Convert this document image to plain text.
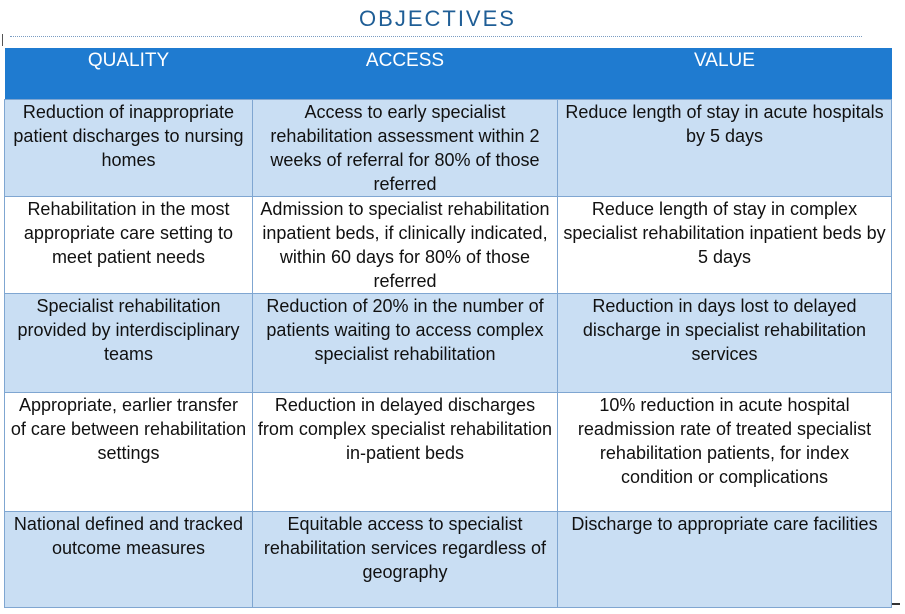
OBJECTIVES
QUALITY	ACCESS	VALUE
Reduction of inappropriate patient discharges to nursing homes	Access to early specialist rehabilitation assessment within 2 weeks of referral for 80% of those referred	Reduce length of stay in acute hospitals by 5 days
Rehabilitation in the most appropriate care setting to meet patient needs	Admission to specialist rehabilitation inpatient beds, if clinically indicated, within 60 days for 80% of those referred	Reduce length of stay in complex specialist rehabilitation inpatient beds by 5 days
Specialist rehabilitation provided by interdisciplinary teams	Reduction of 20% in the number of patients waiting to access complex specialist rehabilitation	Reduction in days lost to delayed discharge in specialist rehabilitation services
Appropriate, earlier transfer of care between rehabilitation settings	Reduction in delayed discharges from complex specialist rehabilitation in-patient beds	10% reduction in acute hospital readmission rate of treated specialist rehabilitation patients, for index condition or complications
National defined and tracked outcome measures	Equitable access to specialist rehabilitation services regardless of geography	Discharge to appropriate care facilities
